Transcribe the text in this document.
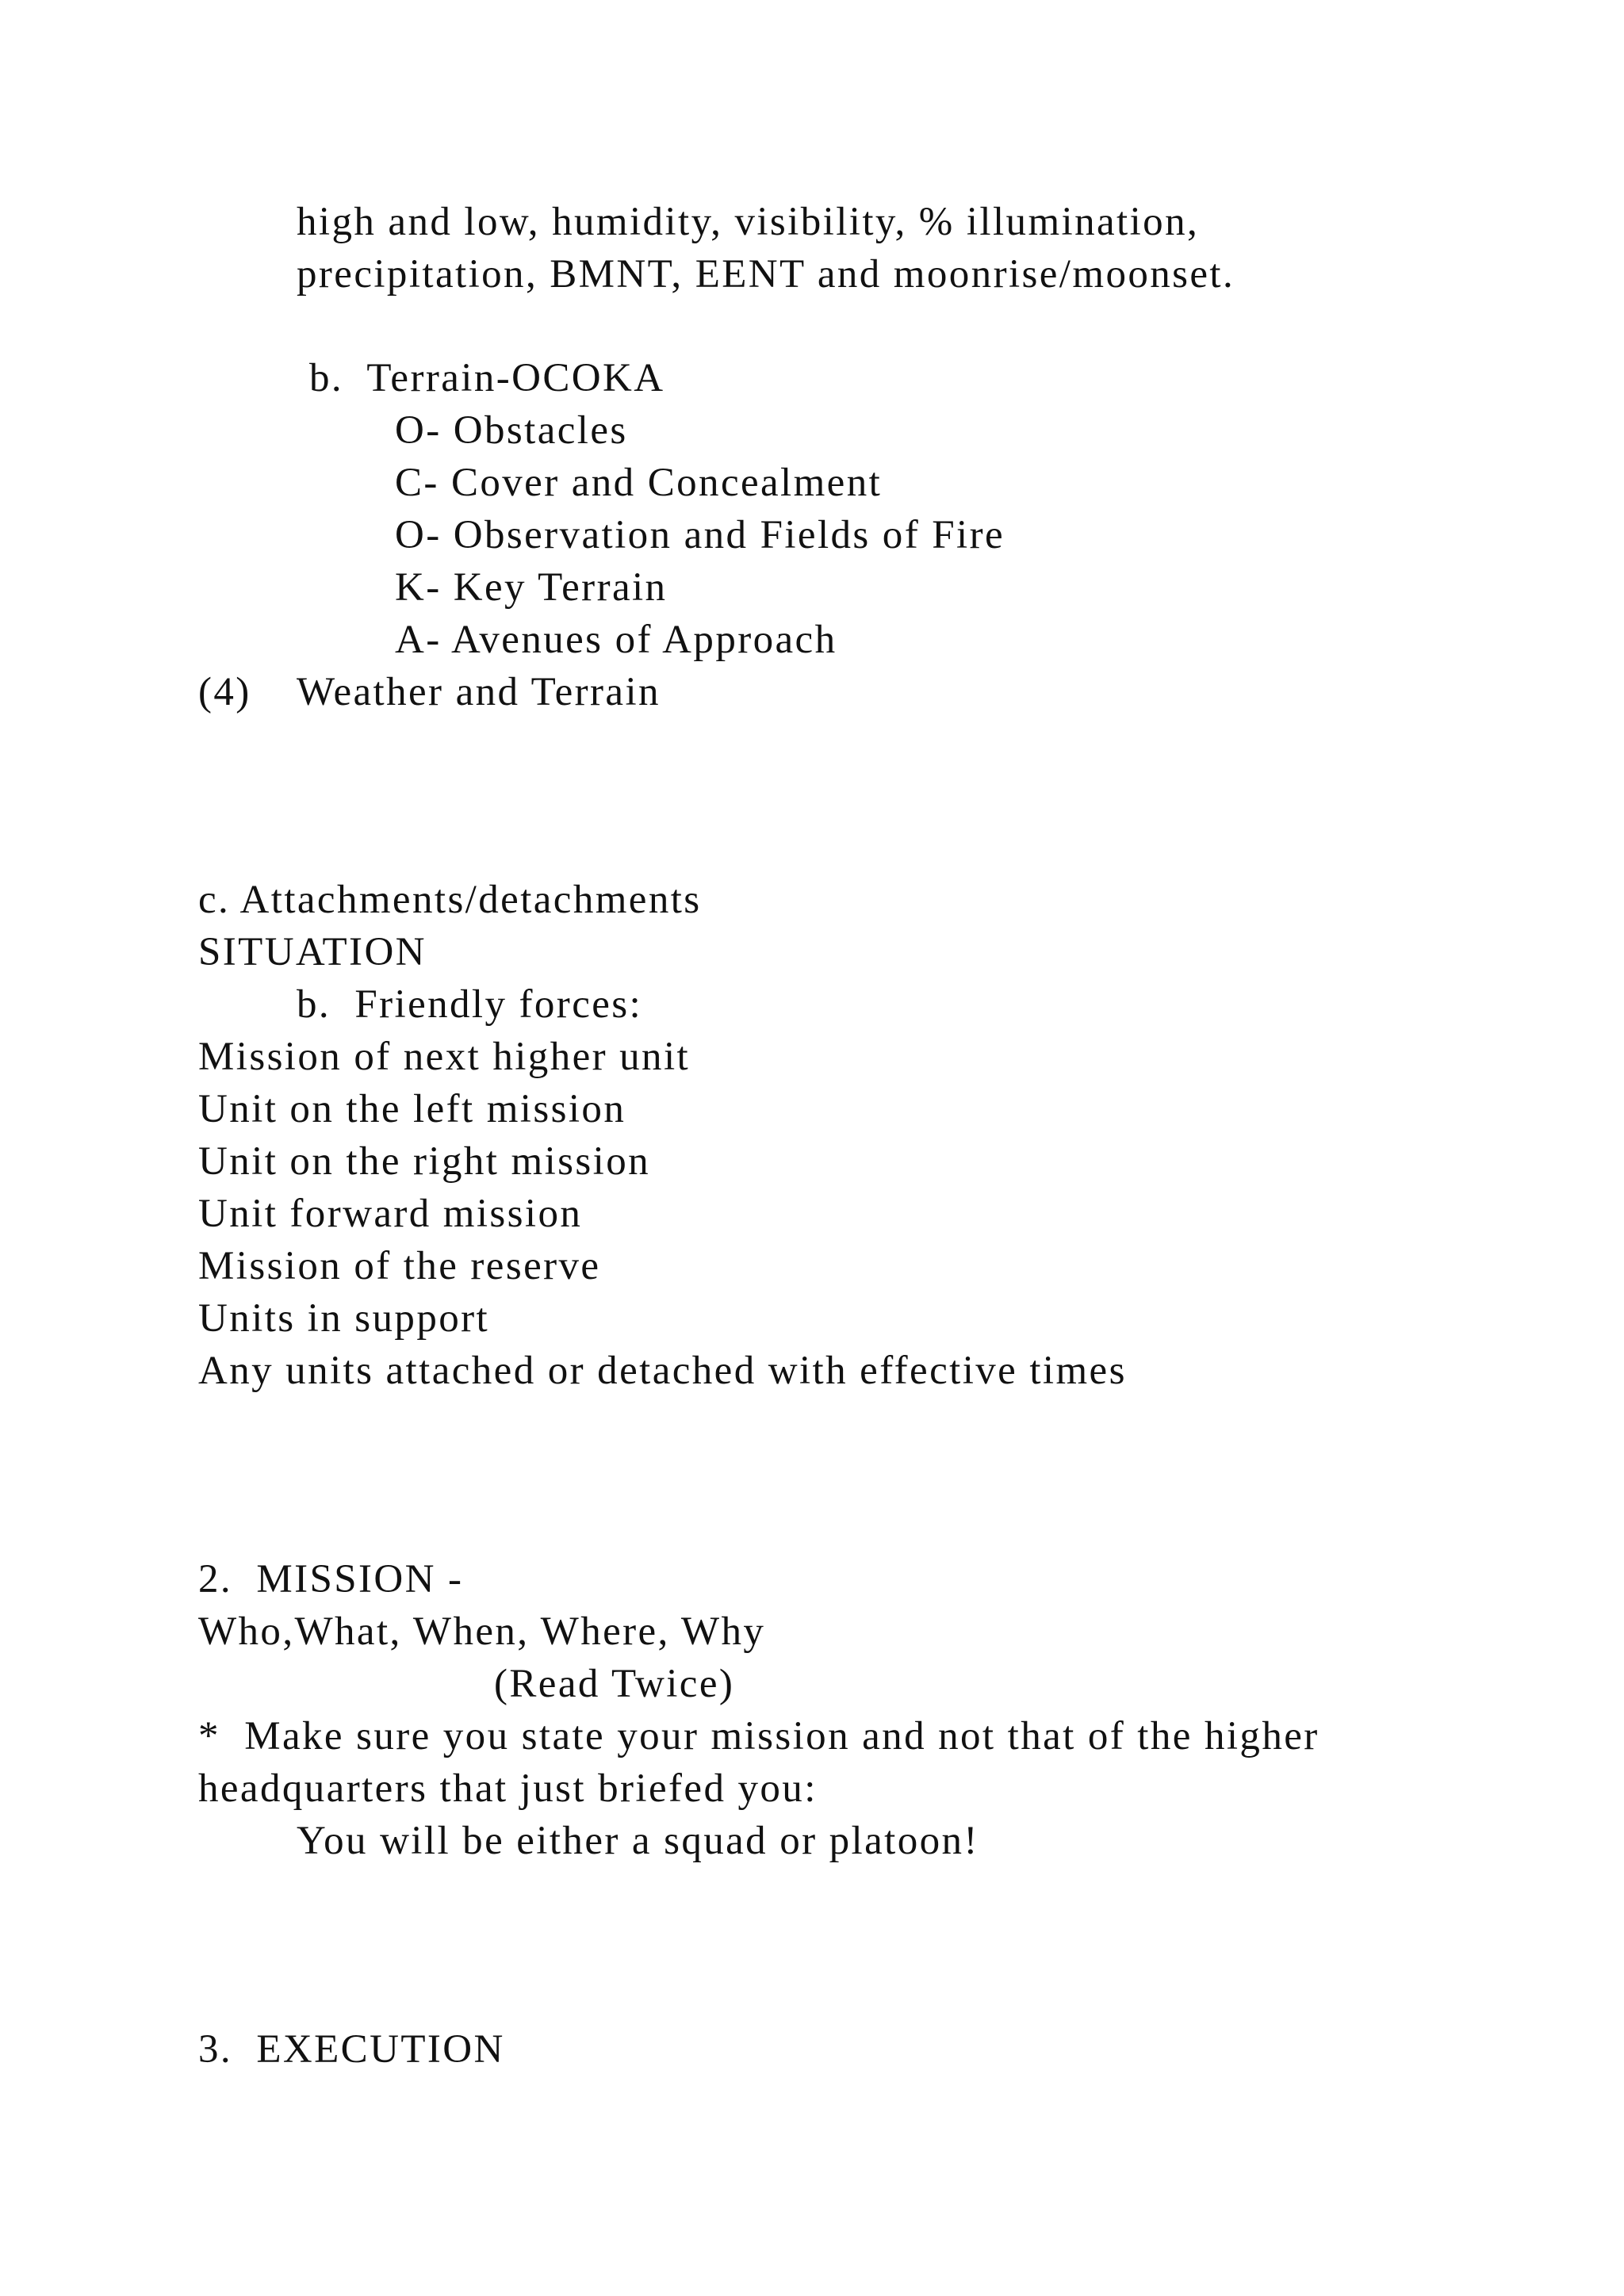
high and low, humidity, visibility, % illumination,
precipitation, BMNT, EENT and moonrise/moonset.
b.  Terrain-OCOKA
O- Obstacles
C- Cover and Concealment
O- Observation and Fields of Fire
K- Key Terrain
A- Avenues of Approach
(4) Weather and Terrain
c. Attachments/detachments
SITUATION
b.  Friendly forces:
Mission of next higher unit
Unit on the left mission
Unit on the right mission
Unit forward mission
Mission of the reserve
Units in support
Any units attached or detached with effective times
2.  MISSION -
Who,What, When, Where, Why
(Read Twice)
*  Make sure you state your mission and not that of the higher
headquarters that just briefed you:
You will be either a squad or platoon!
3.  EXECUTION
